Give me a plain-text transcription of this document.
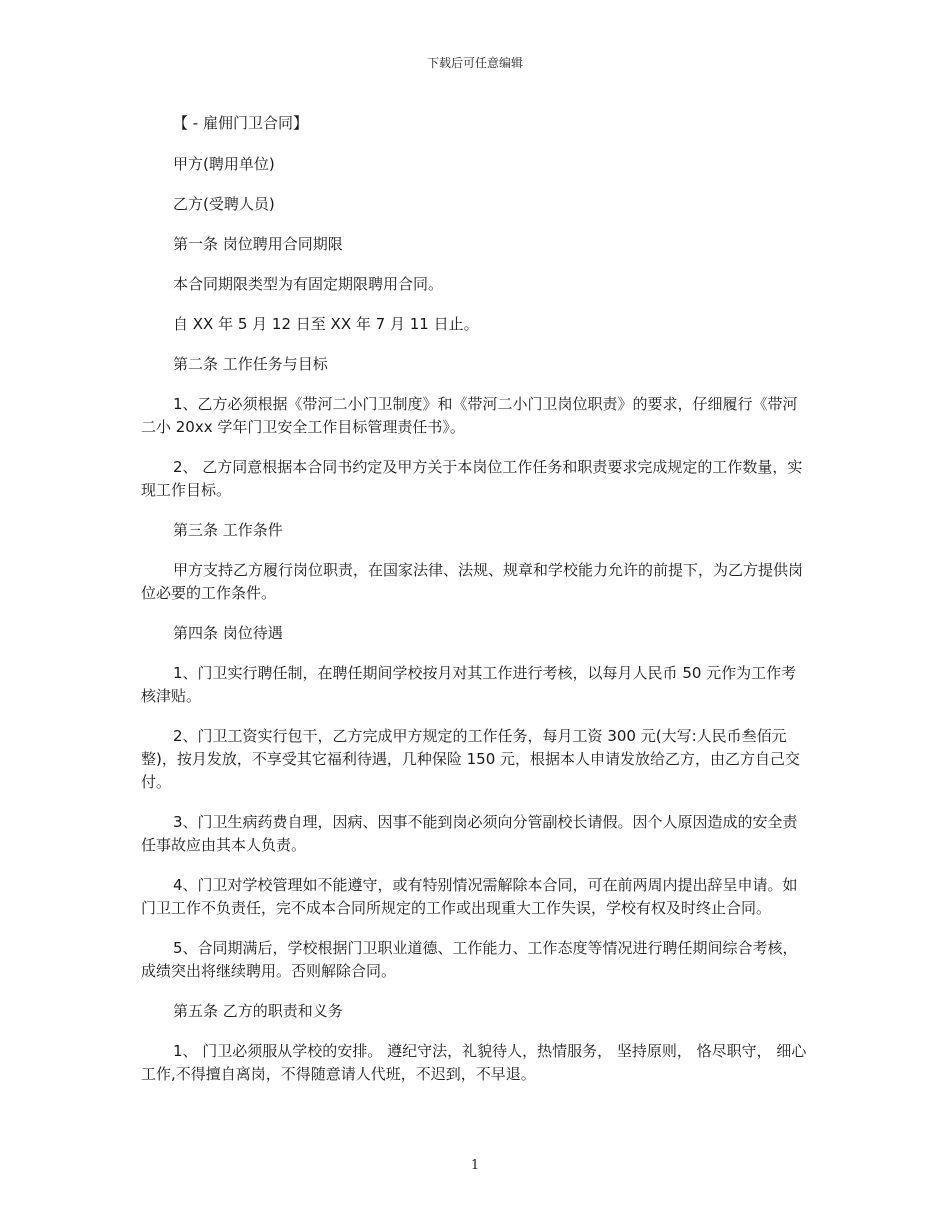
下载后可任意编辑

【 - 雇佣门卫合同】

甲方(聘用单位)

乙方(受聘人员)

第一条 岗位聘用合同期限

本合同期限类型为有固定期限聘用合同。

自 XX 年 5 月 12 日至 XX 年 7 月 11 日止。

第二条 工作任务与目标

1、乙方必须根据《带河二小门卫制度》和《带河二小门卫岗位职责》的要求，仔细履行《带河二小 20xx 学年门卫安全工作目标管理责任书》。

2、 乙方同意根据本合同书约定及甲方关于本岗位工作任务和职责要求完成规定的工作数量，实现工作目标。

第三条 工作条件

甲方支持乙方履行岗位职责，在国家法律、法规、规章和学校能力允许的前提下，为乙方提供岗位必要的工作条件。

第四条 岗位待遇

1、门卫实行聘任制，在聘任期间学校按月对其工作进行考核，以每月人民币 50 元作为工作考核津贴。

2、门卫工资实行包干，乙方完成甲方规定的工作任务，每月工资 300 元(大写:人民币叁佰元整)，按月发放，不享受其它福利待遇，几种保险 150 元，根据本人申请发放给乙方，由乙方自己交付。

3、门卫生病药费自理，因病、因事不能到岗必须向分管副校长请假。因个人原因造成的安全责任事故应由其本人负责。

4、门卫对学校管理如不能遵守，或有特别情况需解除本合同，可在前两周内提出辞呈申请。如门卫工作不负责任，完不成本合同所规定的工作或出现重大工作失误，学校有权及时终止合同。

5、合同期满后，学校根据门卫职业道德、工作能力、工作态度等情况进行聘任期间综合考核，成绩突出将继续聘用。否则解除合同。

第五条 乙方的职责和义务

1、 门卫必须服从学校的安排。 遵纪守法，礼貌待人，热情服务， 坚持原则， 恪尽职守， 细心工作,不得擅自离岗，不得随意请人代班，不迟到，不早退。

1
